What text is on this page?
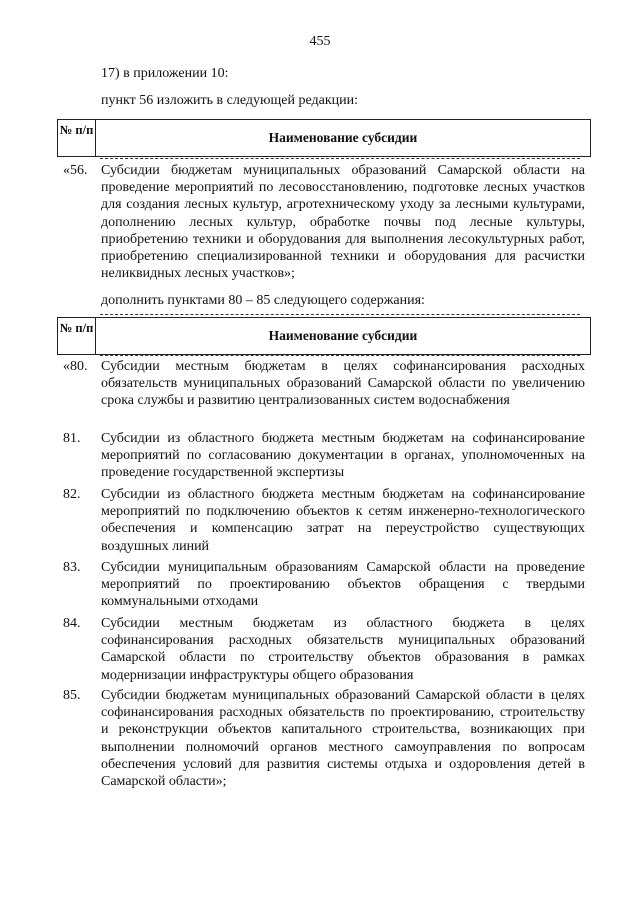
455
17) в приложении 10:
пункт 56 изложить в следующей редакции:
№ п/п	Наименование субсидии
«56. Субсидии бюджетам муниципальных образований Самарской области на проведение мероприятий по лесовосстановлению, подготовке лесных участков для создания лесных культур, агротехническому уходу за лесными культурами, дополнению лесных культур, обработке почвы под лесные культуры, приобретению техники и оборудования для выполнения лесокультурных работ, приобретению специализированной техники и оборудования для расчистки неликвидных лесных участков»;
дополнить пунктами 80 – 85 следующего содержания:
№ п/п	Наименование субсидии
«80. Субсидии местным бюджетам в целях софинансирования расходных обязательств муниципальных образований Самарской области по увеличению срока службы и развитию централизованных систем водоснабжения
81.	Субсидии из областного бюджета местным бюджетам на софинансирование мероприятий по согласованию документации в органах, уполномоченных на проведение государственной экспертизы
82.	Субсидии из областного бюджета местным бюджетам на софинансирование мероприятий по подключению объектов к сетям инженерно-технологического обеспечения и компенсацию затрат на переустройство существующих воздушных линий
83.	Субсидии муниципальным образованиям Самарской области на проведение мероприятий по проектированию объектов обращения с твердыми коммунальными отходами
84.	Субсидии местным бюджетам из областного бюджета в целях софинансирования расходных обязательств муниципальных образований Самарской области по строительству объектов образования в рамках модернизации инфраструктуры общего образования
85.	Субсидии бюджетам муниципальных образований Самарской области в целях софинансирования расходных обязательств по проектированию, строительству и реконструкции объектов капитального строительства, возникающих при выполнении полномочий органов местного самоуправления по вопросам обеспечения условий для развития системы отдыха и оздоровления детей в Самарской области»;
